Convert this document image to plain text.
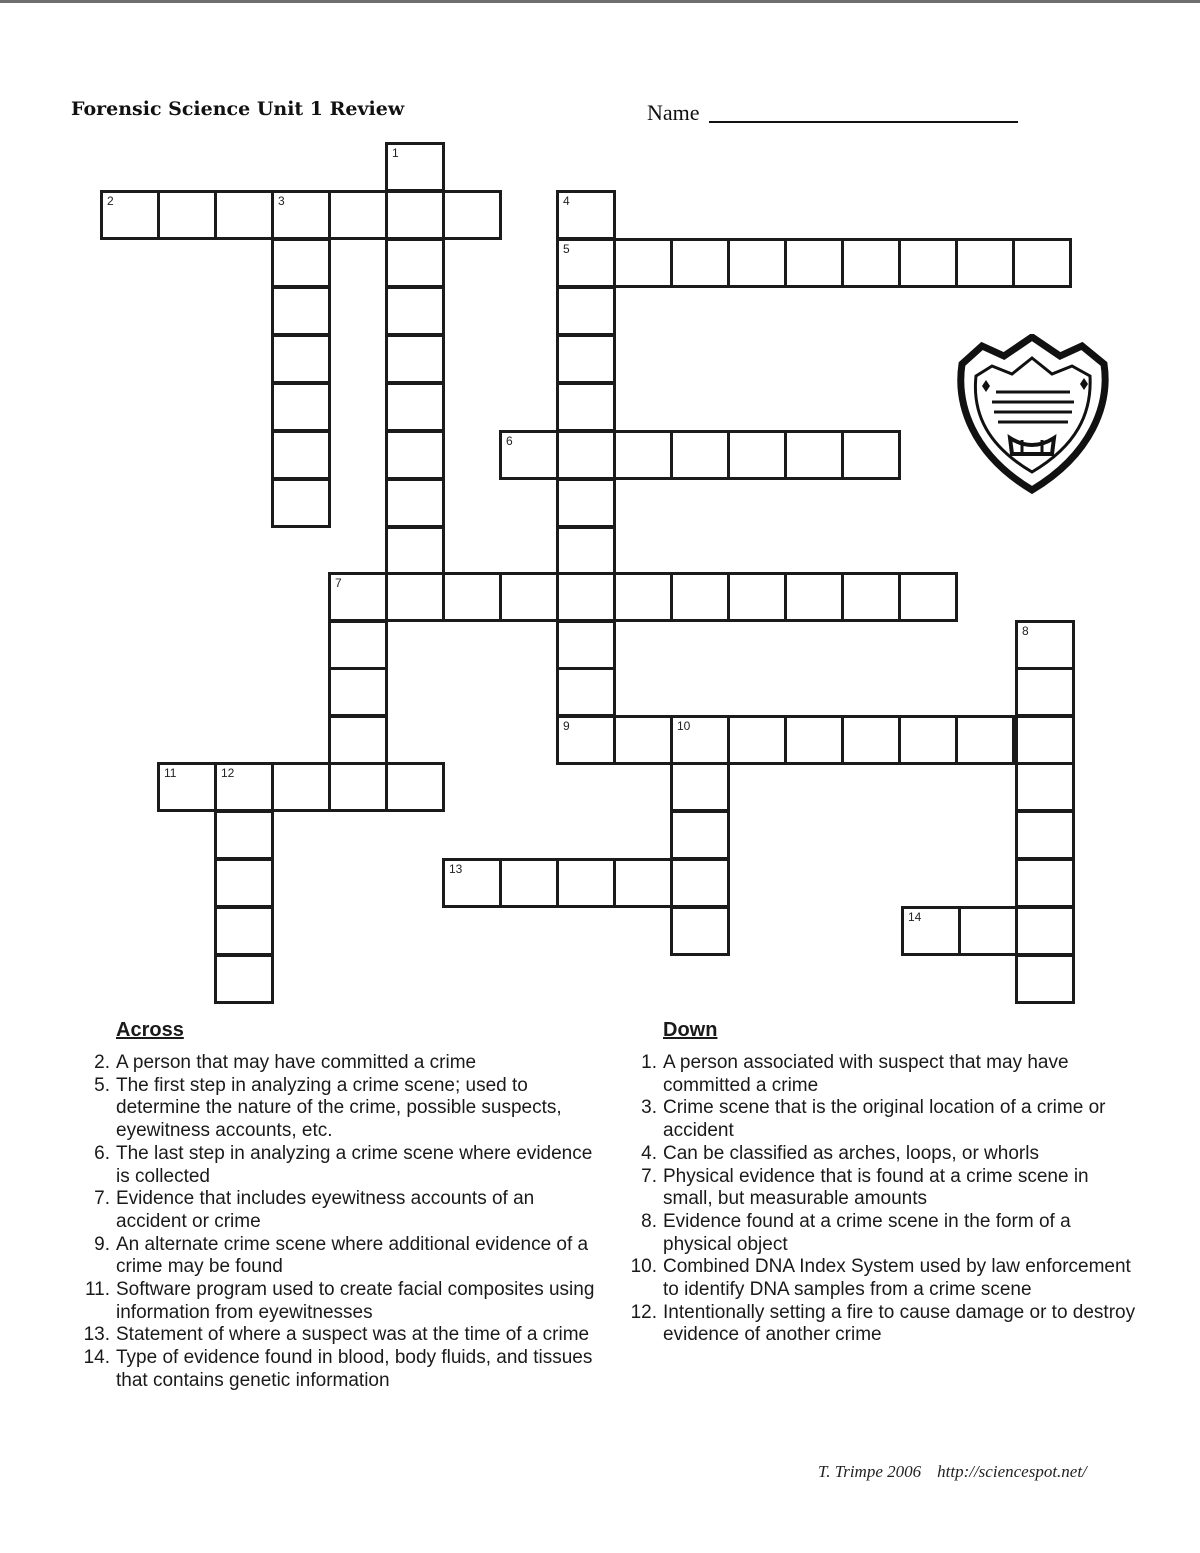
Forensic Science Unit 1 Review	Name
1
2	3	4
5
6
7
8
9	10
11	12
13
14
Across
2. A person that may have committed a crime
5. The first step in analyzing a crime scene; used to determine the nature of the crime, possible suspects, eyewitness accounts, etc.
6. The last step in analyzing a crime scene where evidence is collected
7. Evidence that includes eyewitness accounts of an accident or crime
9. An alternate crime scene where additional evidence of a crime may be found
11. Software program used to create facial composites using information from eyewitnesses
13. Statement of where a suspect was at the time of a crime
14. Type of evidence found in blood, body fluids, and tissues that contains genetic information
Down
1. A person associated with suspect that may have committed a crime
3. Crime scene that is the original location of a crime or accident
4. Can be classified as arches, loops, or whorls
7. Physical evidence that is found at a crime scene in small, but measurable amounts
8. Evidence found at a crime scene in the form of a physical object
10. Combined DNA Index System used by law enforcement to identify DNA samples from a crime scene
12. Intentionally setting a fire to cause damage or to destroy evidence of another crime
T. Trimpe 2006 http://sciencespot.net/
